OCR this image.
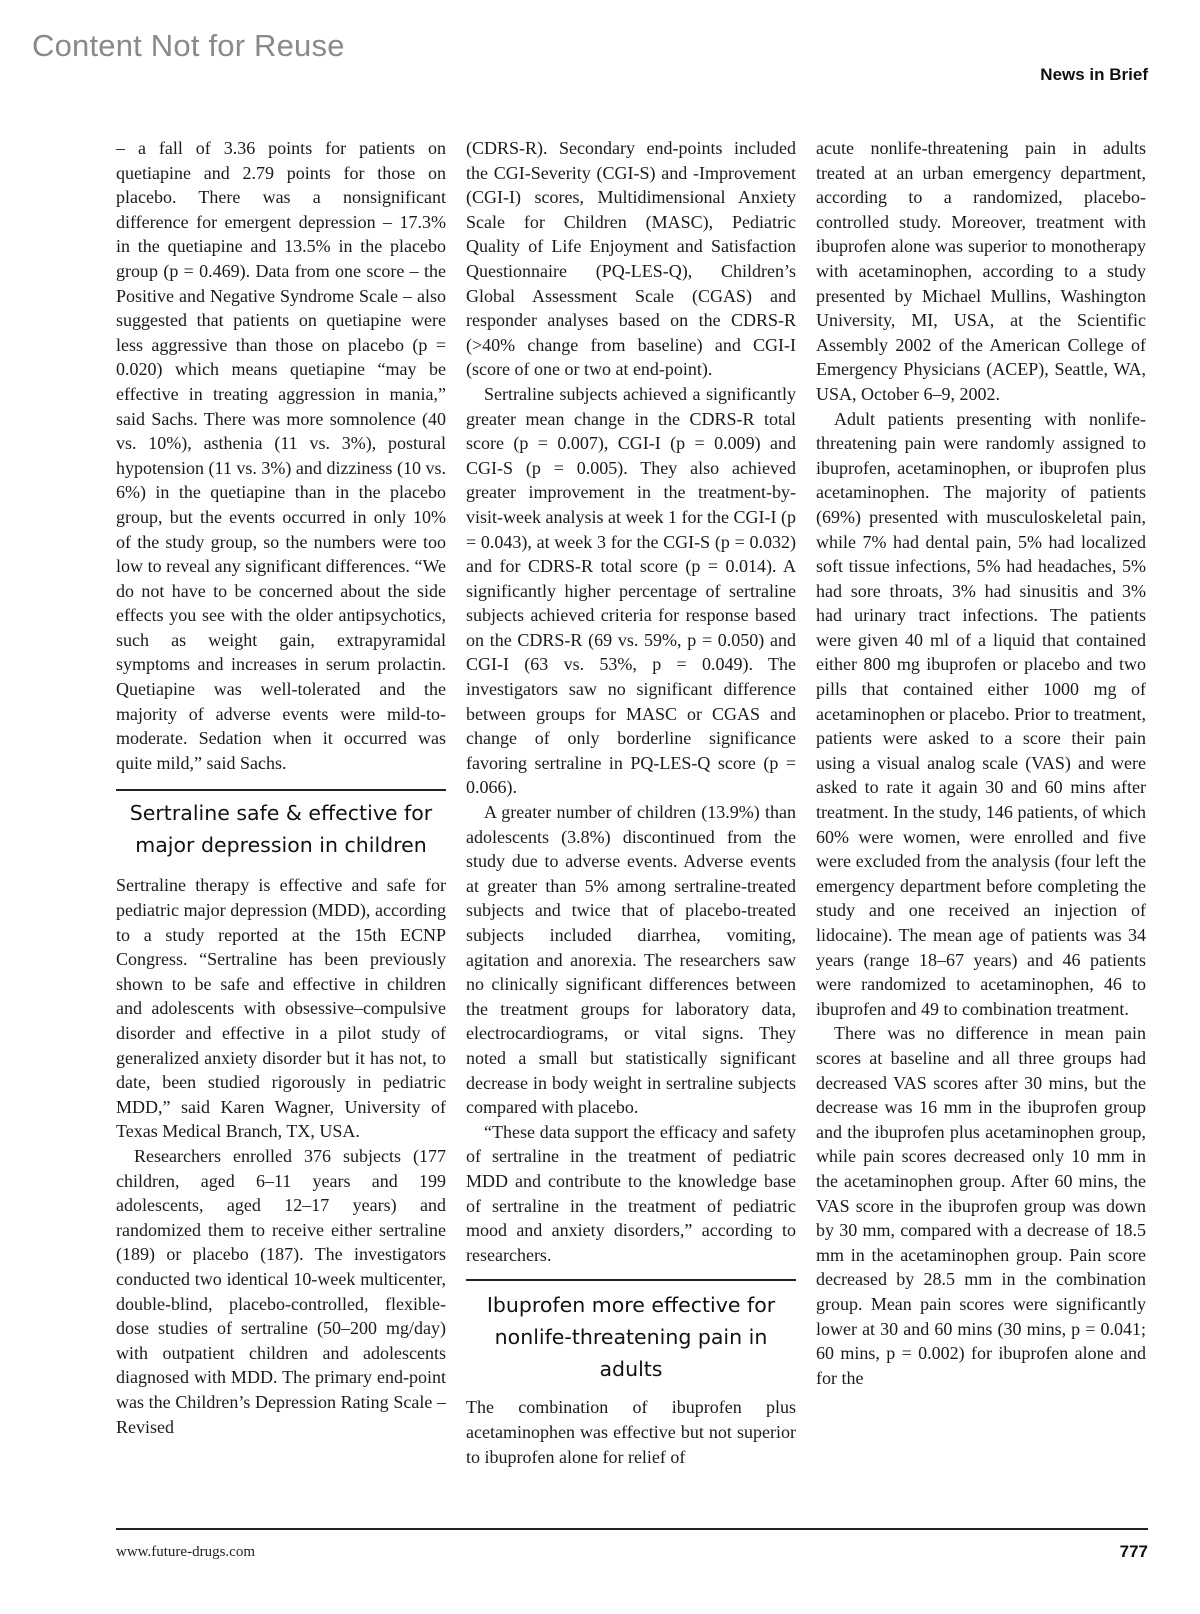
Content Not for Reuse
News in Brief

– a fall of 3.36 points for patients on quetiapine and 2.79 points for those on placebo. There was a nonsignificant difference for emergent depression – 17.3% in the quetiapine and 13.5% in the placebo group (p = 0.469). Data from one score – the Positive and Negative Syndrome Scale – also suggested that patients on quetiapine were less aggressive than those on placebo (p = 0.020) which means quetiapine “may be effective in treating aggression in mania,” said Sachs. There was more somnolence (40 vs. 10%), asthenia (11 vs. 3%), postural hypotension (11 vs. 3%) and dizziness (10 vs. 6%) in the quetiapine than in the placebo group, but the events occurred in only 10% of the study group, so the numbers were too low to reveal any significant differences. “We do not have to be concerned about the side effects you see with the older antipsychotics, such as weight gain, extrapyramidal symptoms and increases in serum prolactin. Quetiapine was well-tolerated and the majority of adverse events were mild-to-moderate. Sedation when it occurred was quite mild,” said Sachs.

Sertraline safe & effective for major depression in children

Sertraline therapy is effective and safe for pediatric major depression (MDD), according to a study reported at the 15th ECNP Congress. “Sertraline has been previously shown to be safe and effective in children and adolescents with obsessive–compulsive disorder and effective in a pilot study of generalized anxiety disorder but it has not, to date, been studied rigorously in pediatric MDD,” said Karen Wagner, University of Texas Medical Branch, TX, USA.

Researchers enrolled 376 subjects (177 children, aged 6–11 years and 199 adolescents, aged 12–17 years) and randomized them to receive either sertraline (189) or placebo (187). The investigators conducted two identical 10-week multicenter, double-blind, placebo-controlled, flexible-dose studies of sertraline (50–200 mg/day) with outpatient children and adolescents diagnosed with MDD. The primary end-point was the Children’s Depression Rating Scale – Revised

(CDRS-R). Secondary end-points included the CGI-Severity (CGI-S) and -Improvement (CGI-I) scores, Multidimensional Anxiety Scale for Children (MASC), Pediatric Quality of Life Enjoyment and Satisfaction Questionnaire (PQ-LES-Q), Children’s Global Assessment Scale (CGAS) and responder analyses based on the CDRS-R (>40% change from baseline) and CGI-I (score of one or two at end-point).

Sertraline subjects achieved a significantly greater mean change in the CDRS-R total score (p = 0.007), CGI-I (p = 0.009) and CGI-S (p = 0.005). They also achieved greater improvement in the treatment-by-visit-week analysis at week 1 for the CGI-I (p = 0.043), at week 3 for the CGI-S (p = 0.032) and for CDRS-R total score (p = 0.014). A significantly higher percentage of sertraline subjects achieved criteria for response based on the CDRS-R (69 vs. 59%, p = 0.050) and CGI-I (63 vs. 53%, p = 0.049). The investigators saw no significant difference between groups for MASC or CGAS and change of only borderline significance favoring sertraline in PQ-LES-Q score (p = 0.066).

A greater number of children (13.9%) than adolescents (3.8%) discontinued from the study due to adverse events. Adverse events at greater than 5% among sertraline-treated subjects and twice that of placebo-treated subjects included diarrhea, vomiting, agitation and anorexia. The researchers saw no clinically significant differences between the treatment groups for laboratory data, electrocardiograms, or vital signs. They noted a small but statistically significant decrease in body weight in sertraline subjects compared with placebo.

“These data support the efficacy and safety of sertraline in the treatment of pediatric MDD and contribute to the knowledge base of sertraline in the treatment of pediatric mood and anxiety disorders,” according to researchers.

Ibuprofen more effective for nonlife-threatening pain in adults

The combination of ibuprofen plus acetaminophen was effective but not superior to ibuprofen alone for relief of

acute nonlife-threatening pain in adults treated at an urban emergency department, according to a randomized, placebo-controlled study. Moreover, treatment with ibuprofen alone was superior to monotherapy with acetaminophen, according to a study presented by Michael Mullins, Washington University, MI, USA, at the Scientific Assembly 2002 of the American College of Emergency Physicians (ACEP), Seattle, WA, USA, October 6–9, 2002.

Adult patients presenting with nonlife-threatening pain were randomly assigned to ibuprofen, acetaminophen, or ibuprofen plus acetaminophen. The majority of patients (69%) presented with musculoskeletal pain, while 7% had dental pain, 5% had localized soft tissue infections, 5% had headaches, 5% had sore throats, 3% had sinusitis and 3% had urinary tract infections. The patients were given 40 ml of a liquid that contained either 800 mg ibuprofen or placebo and two pills that contained either 1000 mg of acetaminophen or placebo. Prior to treatment, patients were asked to a score their pain using a visual analog scale (VAS) and were asked to rate it again 30 and 60 mins after treatment. In the study, 146 patients, of which 60% were women, were enrolled and five were excluded from the analysis (four left the emergency department before completing the study and one received an injection of lidocaine). The mean age of patients was 34 years (range 18–67 years) and 46 patients were randomized to acetaminophen, 46 to ibuprofen and 49 to combination treatment.

There was no difference in mean pain scores at baseline and all three groups had decreased VAS scores after 30 mins, but the decrease was 16 mm in the ibuprofen group and the ibuprofen plus acetaminophen group, while pain scores decreased only 10 mm in the acetaminophen group. After 60 mins, the VAS score in the ibuprofen group was down by 30 mm, compared with a decrease of 18.5 mm in the acetaminophen group. Pain score decreased by 28.5 mm in the combination group. Mean pain scores were significantly lower at 30 and 60 mins (30 mins, p = 0.041; 60 mins, p = 0.002) for ibuprofen alone and for the

www.future-drugs.com	777
